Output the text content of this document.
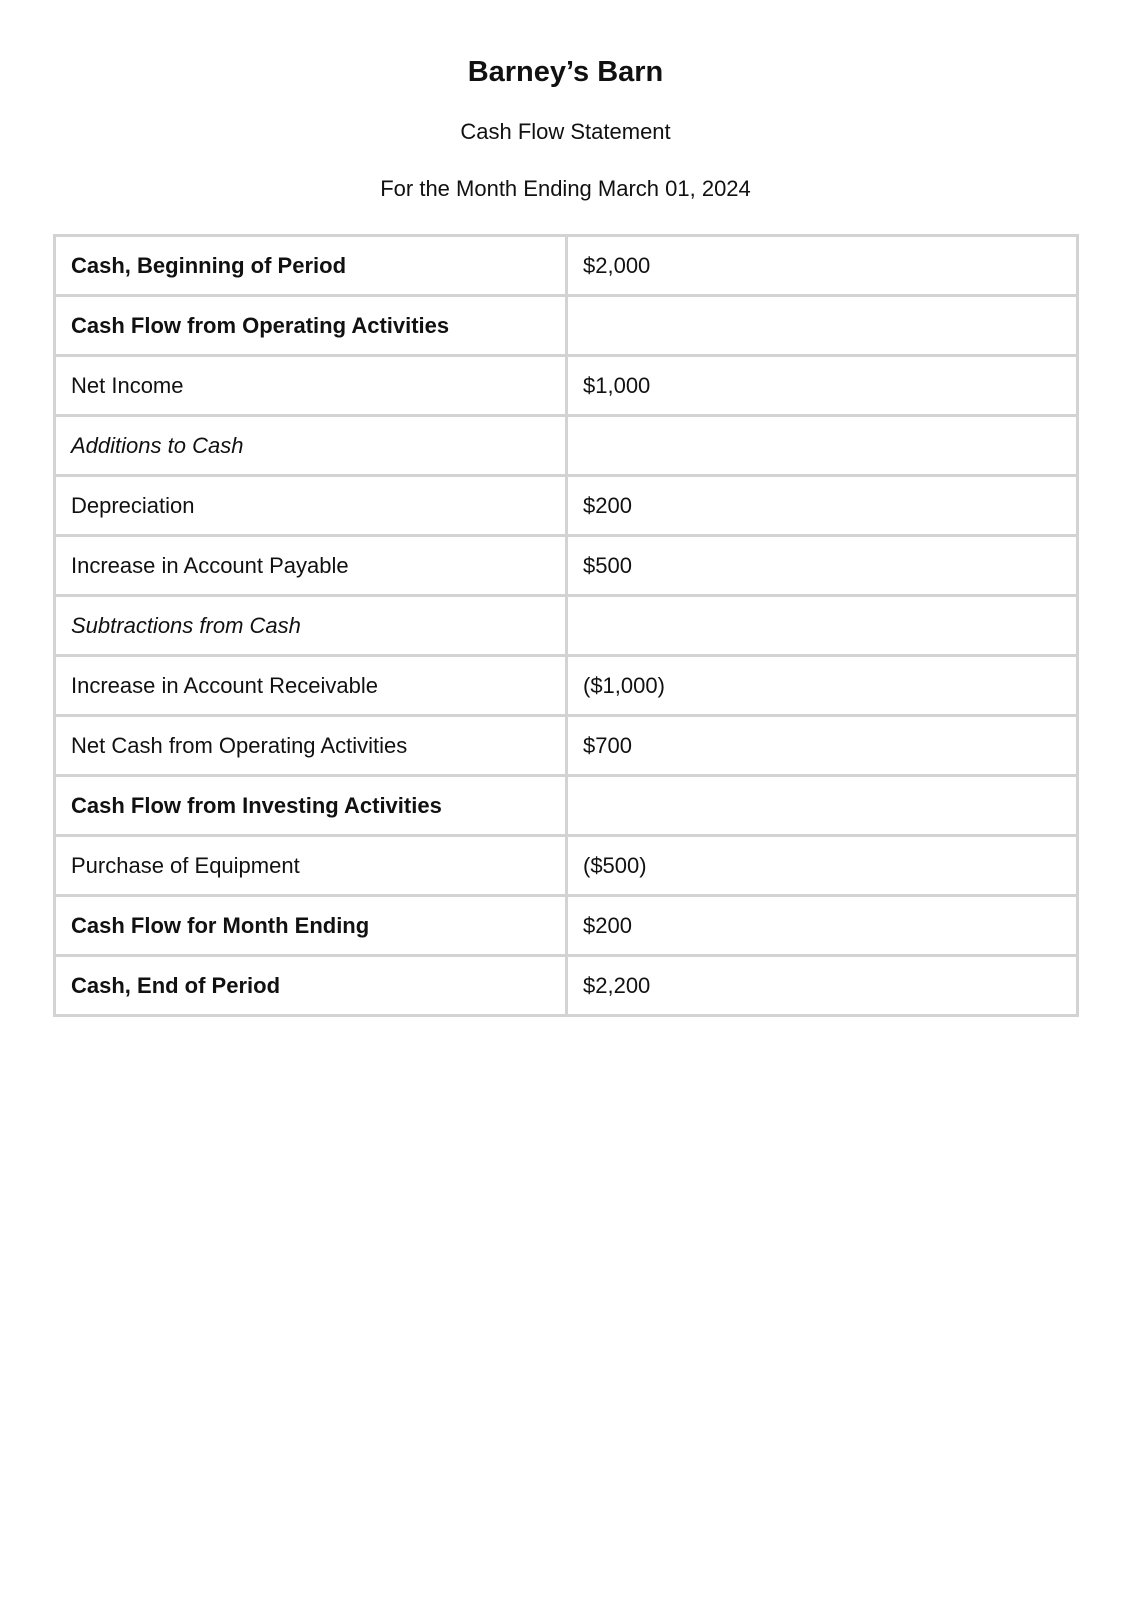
Barney’s Barn
Cash Flow Statement
For the Month Ending March 01, 2024
Cash, Beginning of Period	$2,000
Cash Flow from Operating Activities	
Net Income	$1,000
Additions to Cash	
Depreciation	$200
Increase in Account Payable	$500
Subtractions from Cash	
Increase in Account Receivable	($1,000)
Net Cash from Operating Activities	$700
Cash Flow from Investing Activities	
Purchase of Equipment	($500)
Cash Flow for Month Ending	$200
Cash, End of Period	$2,200
